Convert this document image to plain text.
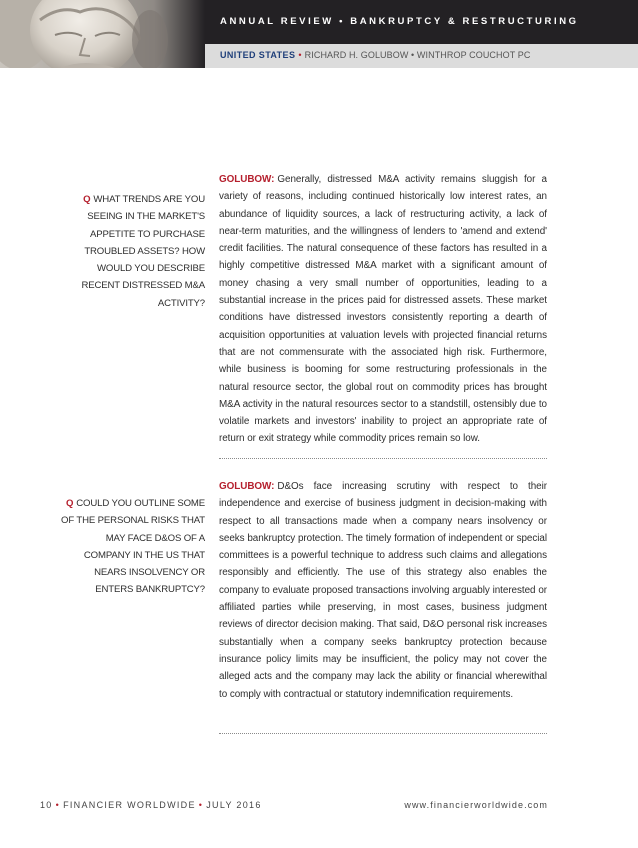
ANNUAL REVIEW • BANKRUPTCY & RESTRUCTURING
UNITED STATES • RICHARD H. GOLUBOW • WINTHROP COUCHOT PC
Q WHAT TRENDS ARE YOU SEEING IN THE MARKET'S APPETITE TO PURCHASE TROUBLED ASSETS? HOW WOULD YOU DESCRIBE RECENT DISTRESSED M&A ACTIVITY?
GOLUBOW: Generally, distressed M&A activity remains sluggish for a variety of reasons, including continued historically low interest rates, an abundance of liquidity sources, a lack of restructuring activity, a lack of near-term maturities, and the willingness of lenders to 'amend and extend' credit facilities. The natural consequence of these factors has resulted in a highly competitive distressed M&A market with a significant amount of money chasing a very small number of opportunities, leading to a substantial increase in the prices paid for distressed assets. These market conditions have distressed investors consistently reporting a dearth of acquisition opportunities at valuation levels with projected financial returns that are not commensurate with the associated high risk. Furthermore, while business is booming for some restructuring professionals in the natural resource sector, the global rout on commodity prices has brought M&A activity in the natural resources sector to a standstill, ostensibly due to volatile markets and investors' inability to project an appropriate rate of return or exit strategy while commodity prices remain so low.
Q COULD YOU OUTLINE SOME OF THE PERSONAL RISKS THAT MAY FACE D&OS OF A COMPANY IN THE US THAT NEARS INSOLVENCY OR ENTERS BANKRUPTCY?
GOLUBOW: D&Os face increasing scrutiny with respect to their independence and exercise of business judgment in decision-making with respect to all transactions made when a company nears insolvency or seeks bankruptcy protection. The timely formation of independent or special committees is a powerful technique to address such claims and allegations responsibly and efficiently. The use of this strategy also enables the company to evaluate proposed transactions involving arguably interested or affiliated parties while preserving, in most cases, business judgment reviews of director decision making. That said, D&O personal risk increases substantially when a company seeks bankruptcy protection because insurance policy limits may be insufficient, the policy may not cover the alleged acts and the company may lack the ability or financial wherewithal to comply with contractual or statutory indemnification requirements.
10 • FINANCIER WORLDWIDE • JULY 2016	www.financierworldwide.com
